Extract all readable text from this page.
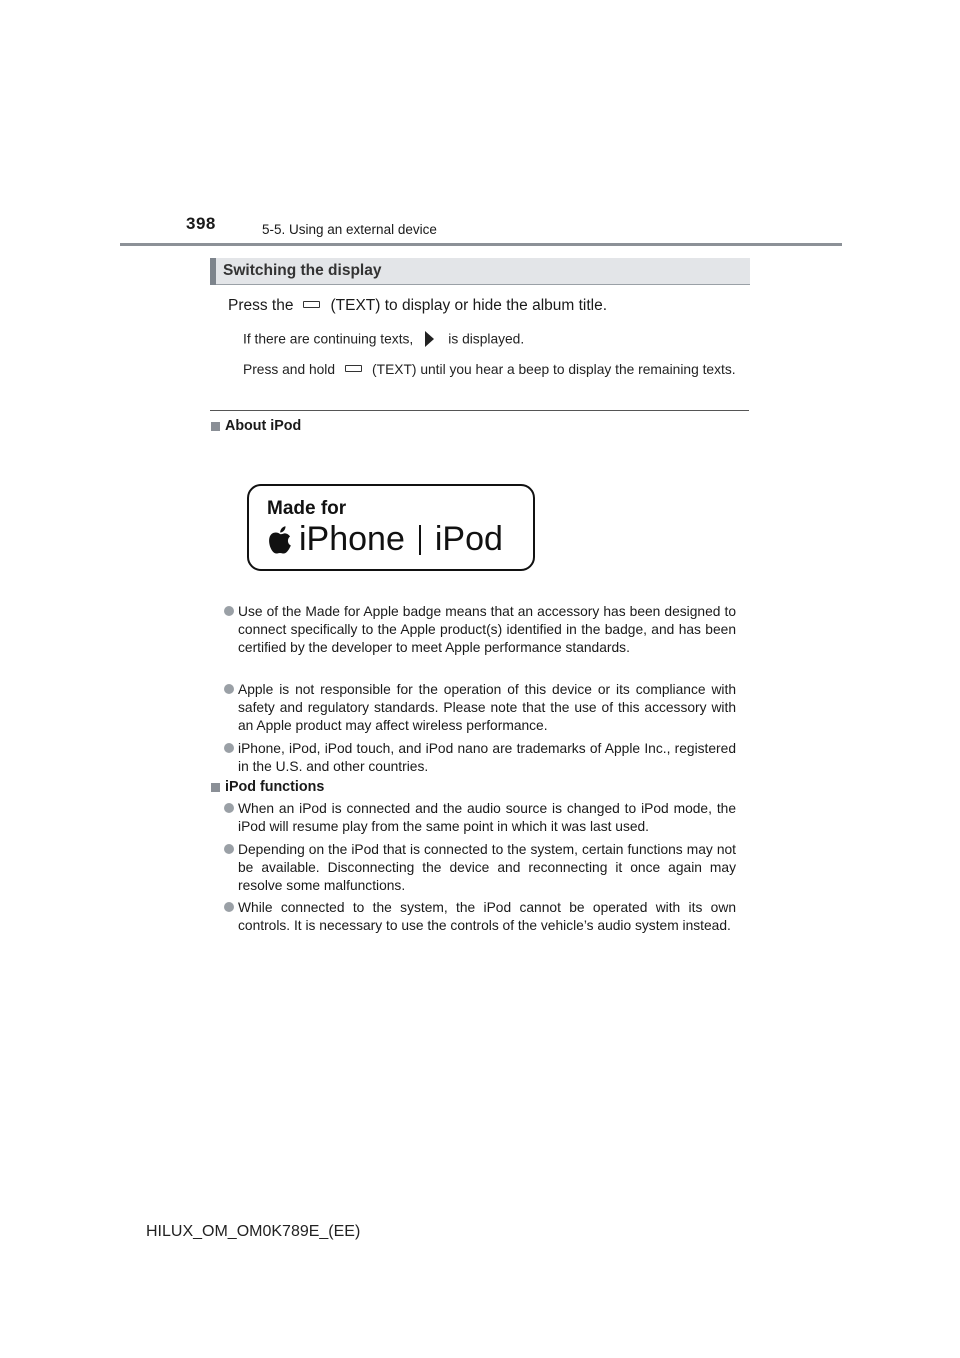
398	5-5. Using an external device
Switching the display
Press the (TEXT) to display or hide the album title.
If there are continuing texts,	is displayed.
Press and hold	(TEXT) until you hear a beep to display the remaining texts.
About iPod
Made for
iPhone iPod
Use of the Made for Apple badge means that an accessory has been designed to connect specifically to the Apple product(s) identified in the badge, and has been certified by the developer to meet Apple performance standards.
Apple is not responsible for the operation of this device or its compliance with safety and regulatory standards. Please note that the use of this accessory with an Apple product may affect wireless performance.
iPhone, iPod, iPod touch, and iPod nano are trademarks of Apple Inc., registered in the U.S. and other countries.
iPod functions
When an iPod is connected and the audio source is changed to iPod mode, the iPod will resume play from the same point in which it was last used.
Depending on the iPod that is connected to the system, certain functions may not be available. Disconnecting the device and reconnecting it once again may resolve some malfunctions.
While connected to the system, the iPod cannot be operated with its own controls. It is necessary to use the controls of the vehicle’s audio system instead.
HILUX_OM_OM0K789E_(EE)
